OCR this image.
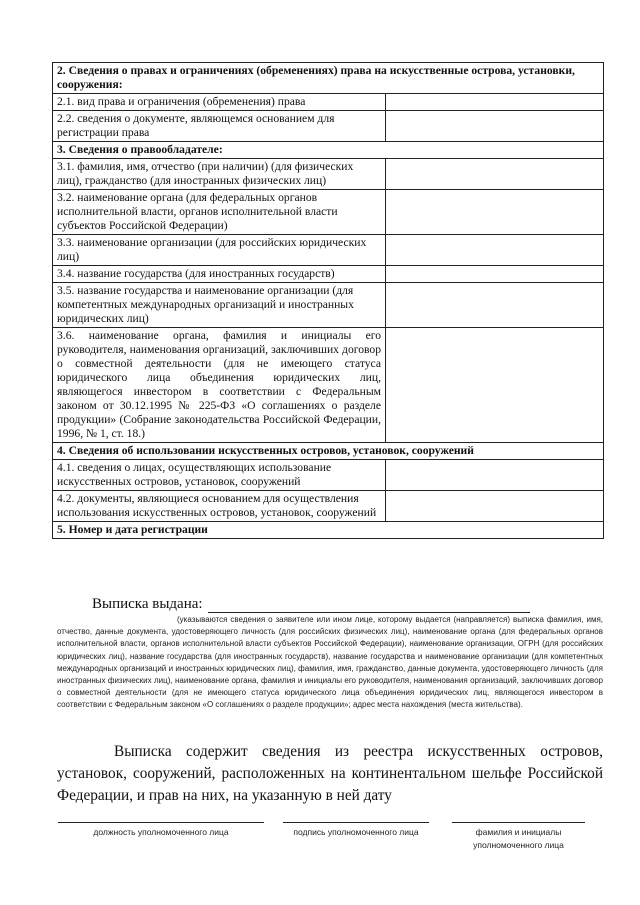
2. Сведения о правах и ограничениях (обременениях) права на искусственные острова, установки, сооружения:	
2.1. вид права и ограничения (обременения) права	
2.2. сведения о документе, являющемся основанием для регистрации права	
3. Сведения о правообладателе:	
3.1. фамилия, имя, отчество (при наличии) (для физических лиц), гражданство (для иностранных физических лиц)	
3.2. наименование органа (для федеральных органов исполнительной власти, органов исполнительной власти субъектов Российской Федерации)	
3.3. наименование организации (для российских юридических лиц)	
3.4. название государства (для иностранных государств)	
3.5. название государства и наименование организации (для компетентных международных организаций и иностранных юридических лиц)	
3.6. наименование органа, фамилия и инициалы его руководителя, наименования организаций, заключивших договор о совместной деятельности (для не имеющего статуса юридического лица объединения юридических лиц, являющегося инвестором в соответствии с Федеральным законом от 30.12.1995 № 225-ФЗ «О соглашениях о разделе продукции» (Собрание законодательства Российской Федерации, 1996, № 1, ст. 18.)	
4. Сведения об использовании искусственных островов, установок, сооружений	
4.1. сведения о лицах, осуществляющих использование искусственных островов, установок, сооружений	
4.2. документы, являющиеся основанием для осуществления использования искусственных островов, установок, сооружений	
5. Номер и дата регистрации	
Выписка выдана:
(указываются сведения о заявителе или ином лице, которому выдается (направляется) выписка фамилия, имя, отчество, данные документа, удостоверяющего личность (для российских физических лиц), наименование органа (для федеральных органов исполнительной власти, органов исполнительной власти субъектов Российской Федерации), наименование организации, ОГРН (для российских юридических лиц), название государства (для иностранных государств), название государства и наименование организации (для компетентных международных организаций и иностранных юридических лиц), фамилия, имя, гражданство, данные документа, удостоверяющего личность (для иностранных физических лиц), наименование органа, фамилия и инициалы его руководителя, наименования организаций, заключивших договор о совместной деятельности (для не имеющего статуса юридического лица объединения юридических лиц, являющегося инвестором в соответствии с Федеральным законом «О соглашениях о разделе продукции»; адрес места нахождения (места жительства).
Выписка содержит сведения из реестра искусственных островов, установок, сооружений, расположенных на континентальном шельфе Российской Федерации, и прав на них, на указанную в ней дату
должность уполномоченного лица	подпись уполномоченного лица	фамилия и инициалы уполномоченного лица
